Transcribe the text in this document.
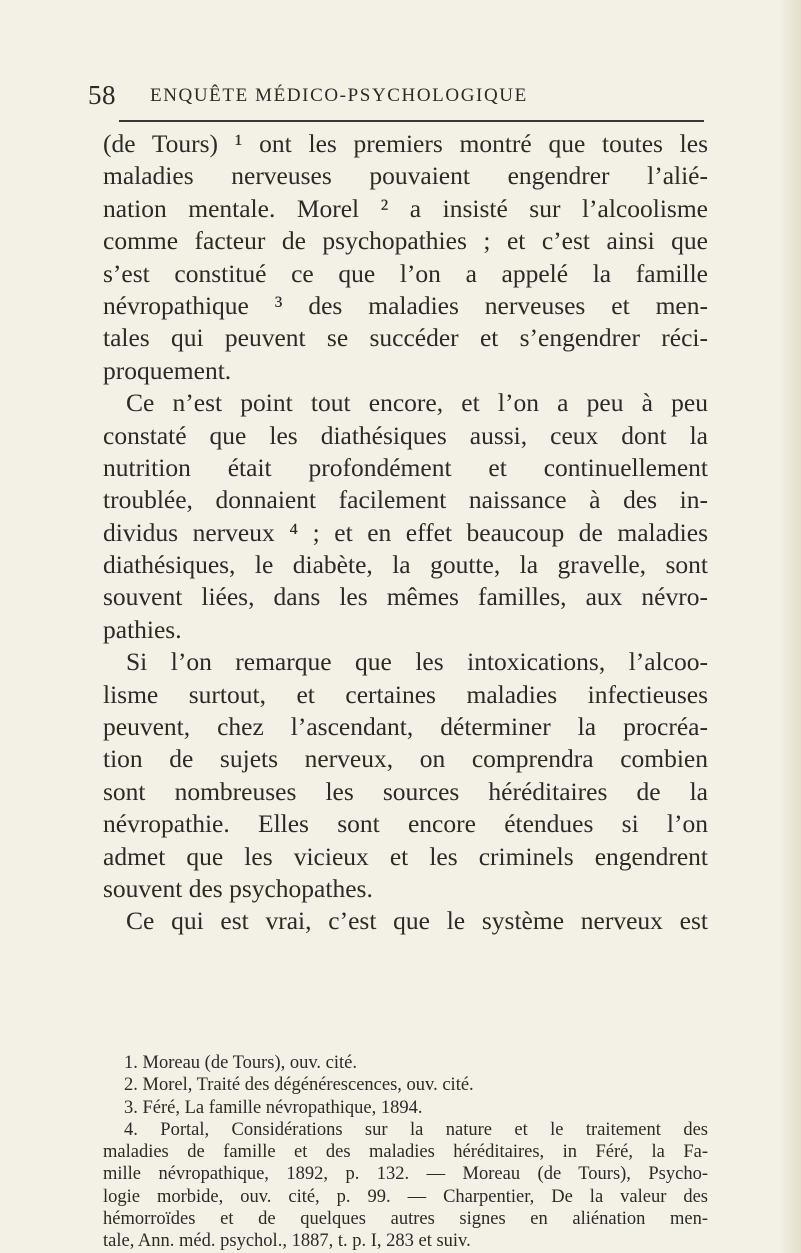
58 ENQUÊTE MÉDICO-PSYCHOLOGIQUE
(de Tours) ¹ ont les premiers montré que toutes les
maladies nerveuses pouvaient engendrer l’alié-
nation mentale. Morel ² a insisté sur l’alcoolisme
comme facteur de psychopathies ; et c’est ainsi que
s’est constitué ce que l’on a appelé la famille
névropathique ³ des maladies nerveuses et men-
tales qui peuvent se succéder et s’engendrer réci-
proquement.
Ce n’est point tout encore, et l’on a peu à peu
constaté que les diathésiques aussi, ceux dont la
nutrition était profondément et continuellement
troublée, donnaient facilement naissance à des in-
dividus nerveux ⁴ ; et en effet beaucoup de maladies
diathésiques, le diabète, la goutte, la gravelle, sont
souvent liées, dans les mêmes familles, aux névro-
pathies.
Si l’on remarque que les intoxications, l’alcoo-
lisme surtout, et certaines maladies infectieuses
peuvent, chez l’ascendant, déterminer la procréa-
tion de sujets nerveux, on comprendra combien
sont nombreuses les sources héréditaires de la
névropathie. Elles sont encore étendues si l’on
admet que les vicieux et les criminels engendrent
souvent des psychopathes.
Ce qui est vrai, c’est que le système nerveux est
1. Moreau (de Tours), ouv. cité.
2. Morel, Traité des dégénérescences, ouv. cité.
3. Féré, La famille névropathique, 1894.
4. Portal, Considérations sur la nature et le traitement des
maladies de famille et des maladies héréditaires, in Féré, la Fa-
mille névropathique, 1892, p. 132. — Moreau (de Tours), Psycho-
logie morbide, ouv. cité, p. 99. — Charpentier, De la valeur des
hémorroïdes et de quelques autres signes en aliénation men-
tale, Ann. méd. psychol., 1887, t. p. I, 283 et suiv.
